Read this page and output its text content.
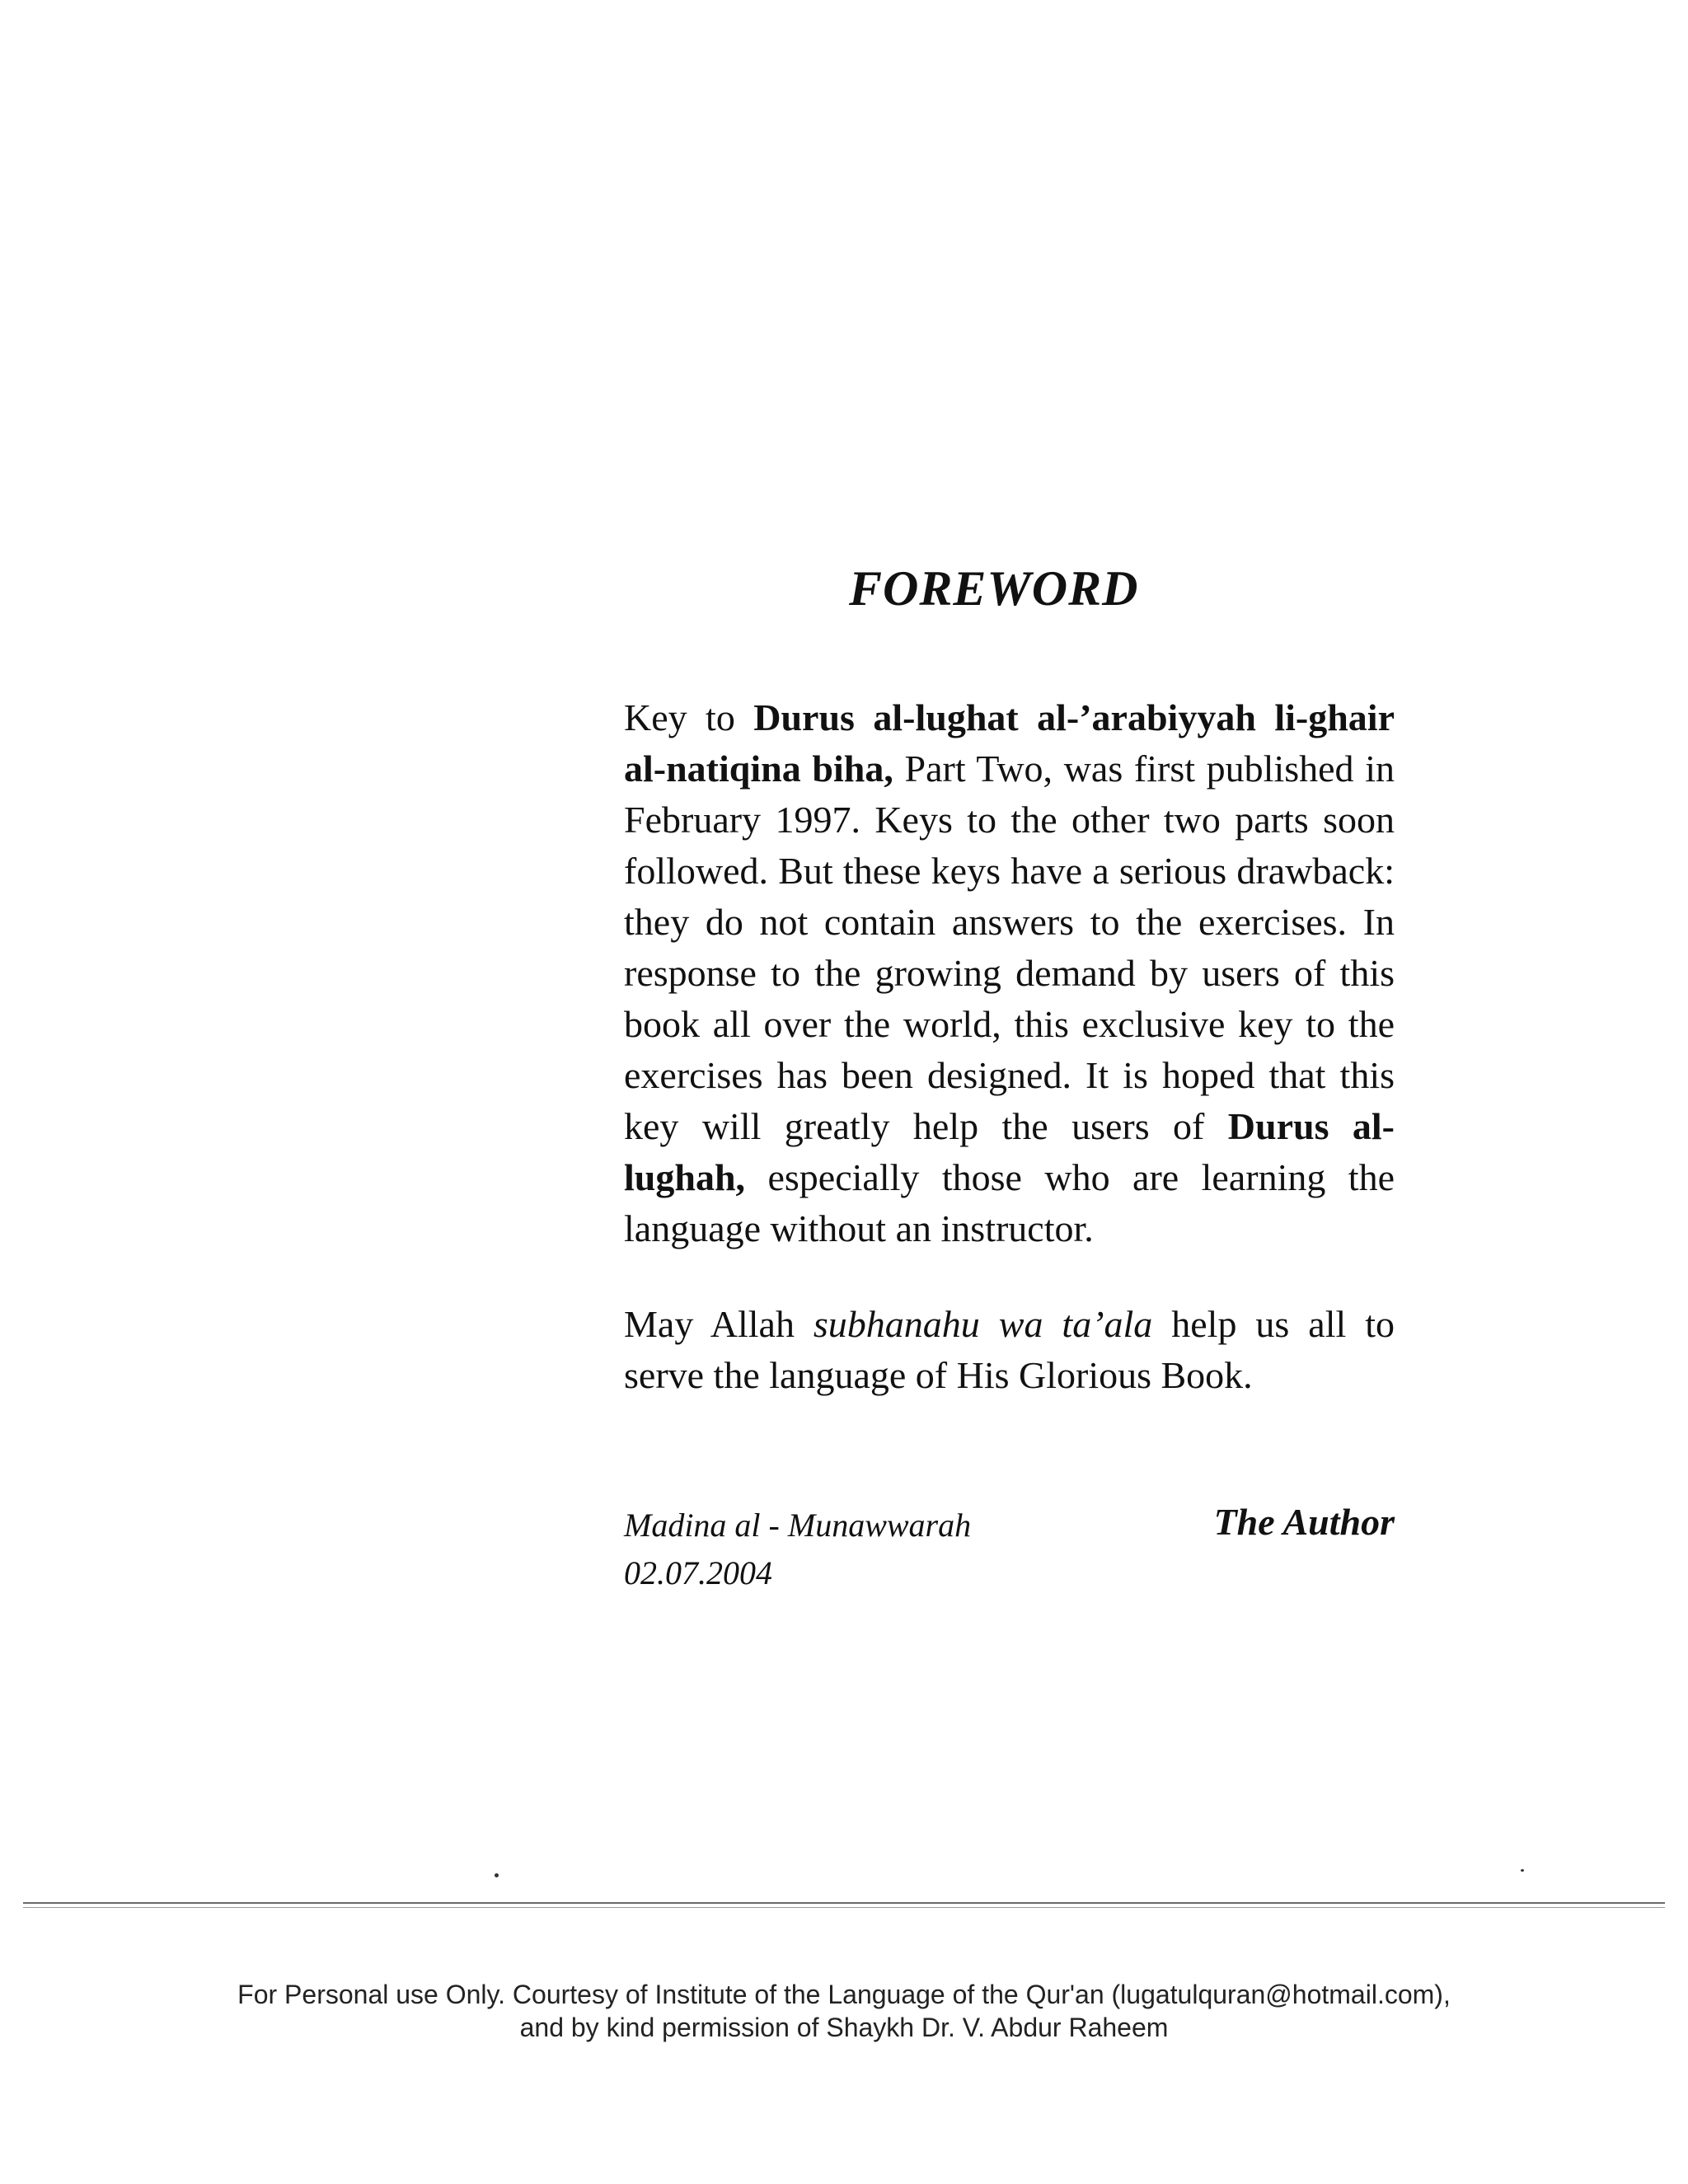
FOREWORD

Key to Durus al-lughat al-’arabiyyah li-ghair al-natiqina biha, Part Two, was first published in February 1997. Keys to the other two parts soon followed. But these keys have a serious drawback: they do not contain answers to the exercises. In response to the growing demand by users of this book all over the world, this exclusive key to the exercises has been designed. It is hoped that this key will greatly help the users of Durus al-lughah, especially those who are learning the language without an instructor.

May Allah subhanahu wa ta’ala help us all to serve the language of His Glorious Book.

Madina al - Munawwarah
02.07.2004
The Author
For Personal use Only. Courtesy of Institute of the Language of the Qur'an (lugatulquran@hotmail.com),
and by kind permission of Shaykh Dr. V. Abdur Raheem
